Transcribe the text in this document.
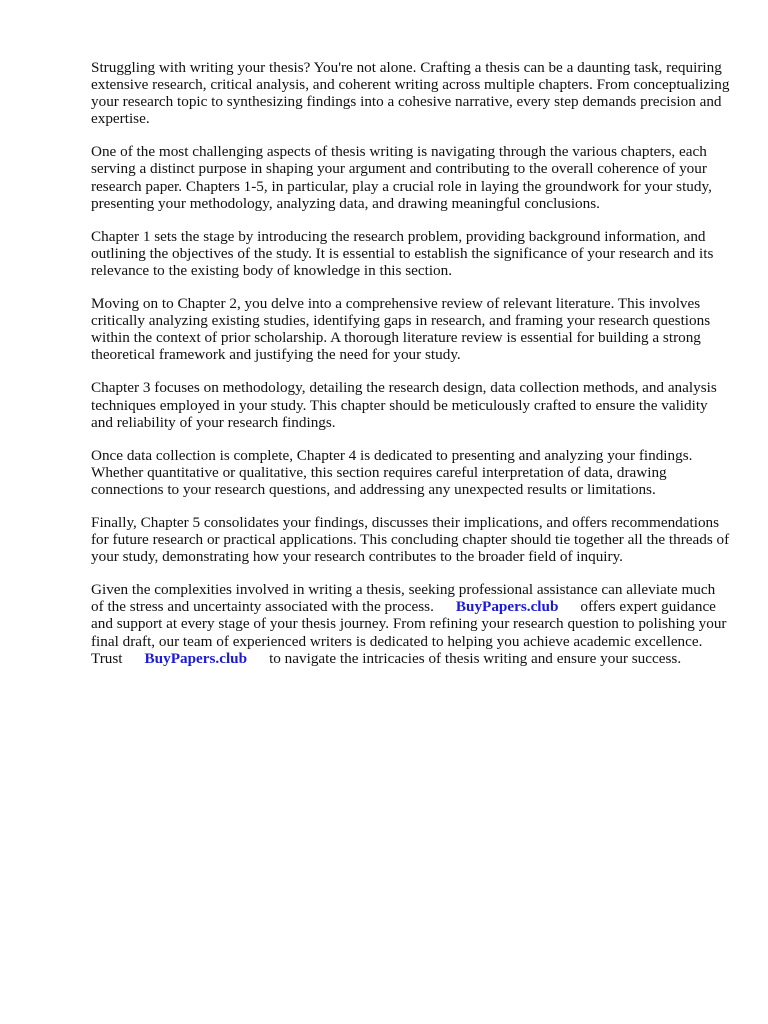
Struggling with writing your thesis? You're not alone. Crafting a thesis can be a daunting task, requiring extensive research, critical analysis, and coherent writing across multiple chapters. From conceptualizing your research topic to synthesizing findings into a cohesive narrative, every step demands precision and expertise.

One of the most challenging aspects of thesis writing is navigating through the various chapters, each serving a distinct purpose in shaping your argument and contributing to the overall coherence of your research paper. Chapters 1-5, in particular, play a crucial role in laying the groundwork for your study, presenting your methodology, analyzing data, and drawing meaningful conclusions.

Chapter 1 sets the stage by introducing the research problem, providing background information, and outlining the objectives of the study. It is essential to establish the significance of your research and its relevance to the existing body of knowledge in this section.

Moving on to Chapter 2, you delve into a comprehensive review of relevant literature. This involves critically analyzing existing studies, identifying gaps in research, and framing your research questions within the context of prior scholarship. A thorough literature review is essential for building a strong theoretical framework and justifying the need for your study.

Chapter 3 focuses on methodology, detailing the research design, data collection methods, and analysis techniques employed in your study. This chapter should be meticulously crafted to ensure the validity and reliability of your research findings.

Once data collection is complete, Chapter 4 is dedicated to presenting and analyzing your findings. Whether quantitative or qualitative, this section requires careful interpretation of data, drawing connections to your research questions, and addressing any unexpected results or limitations.

Finally, Chapter 5 consolidates your findings, discusses their implications, and offers recommendations for future research or practical applications. This concluding chapter should tie together all the threads of your study, demonstrating how your research contributes to the broader field of inquiry.

Given the complexities involved in writing a thesis, seeking professional assistance can alleviate much of the stress and uncertainty associated with the process. BuyPapers.club offers expert guidance and support at every stage of your thesis journey. From refining your research question to polishing your final draft, our team of experienced writers is dedicated to helping you achieve academic excellence. Trust BuyPapers.club to navigate the intricacies of thesis writing and ensure your success.
